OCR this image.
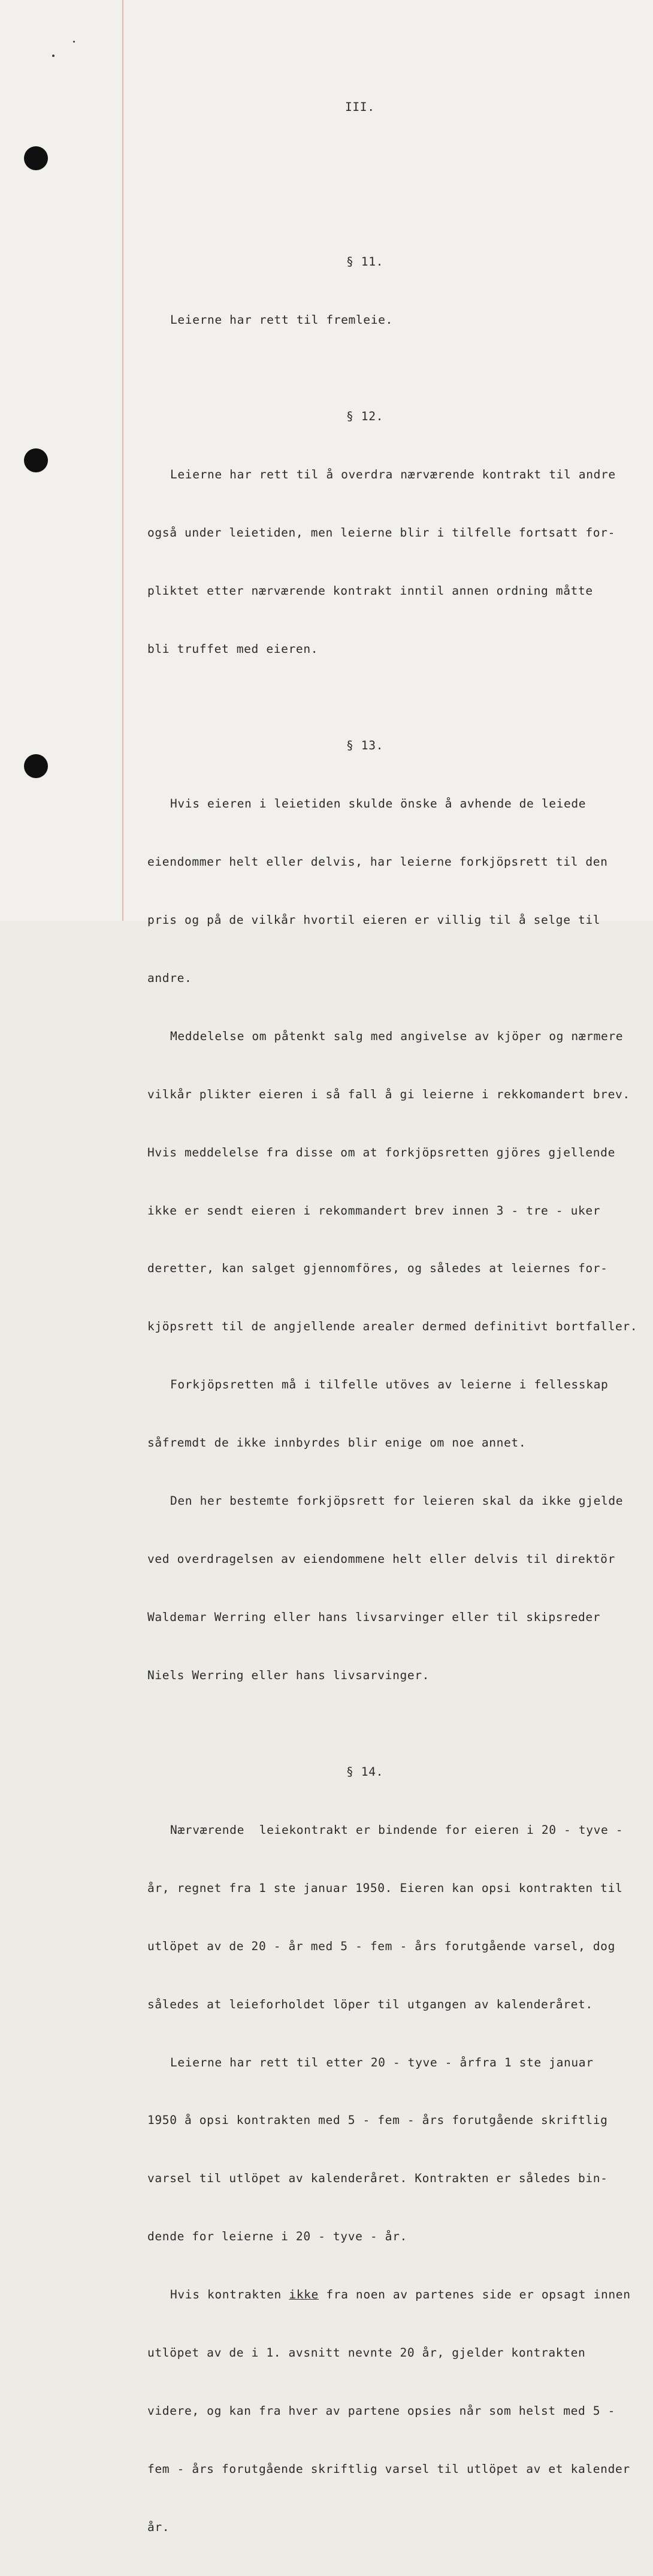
III.

§ 11.

Leierne har rett til fremleie.

§ 12.

Leierne har rett til å overdra nærværende kontrakt til andre

også under leietiden, men leierne blir i tilfelle fortsatt for-

pliktet etter nærværende kontrakt inntil annen ordning måtte

bli truffet med eieren.

§ 13.

Hvis eieren i leietiden skulde önske å avhende de leiede

eiendommer helt eller delvis, har leierne forkjöpsrett til den

pris og på de vilkår hvortil eieren er villig til å selge til

andre.

Meddelelse om påtenkt salg med angivelse av kjöper og nærmere

vilkår plikter eieren i så fall å gi leierne i rekkomandert brev.

Hvis meddelelse fra disse om at forkjöpsretten gjöres gjellende

ikke er sendt eieren i rekommandert brev innen 3 - tre - uker

deretter, kan salget gjennomföres, og således at leiernes for-

kjöpsrett til de angjellende arealer dermed definitivt bortfaller.

Forkjöpsretten må i tilfelle utöves av leierne i fellesskap

såfremdt de ikke innbyrdes blir enige om noe annet.

Den her bestemte forkjöpsrett for leieren skal da ikke gjelde

ved overdragelsen av eiendommene helt eller delvis til direktör

Waldemar Werring eller hans livsarvinger eller til skipsreder

Niels Werring eller hans livsarvinger.

§ 14.

Nærværende  leiekontrakt er bindende for eieren i 20 - tyve -

år, regnet fra 1 ste januar 1950. Eieren kan opsi kontrakten til

utlöpet av de 20 - år med 5 - fem - års forutgående varsel, dog

således at leieforholdet löper til utgangen av kalenderåret.

Leierne har rett til etter 20 - tyve - årfra 1 ste januar

1950 å opsi kontrakten med 5 - fem - års forutgående skriftlig

varsel til utlöpet av kalenderåret. Kontrakten er således bin-

dende for leierne i 20 - tyve - år.

Hvis kontrakten ikke fra noen av partenes side er opsagt innen

utlöpet av de i 1. avsnitt nevnte 20 år, gjelder kontrakten

videre, og kan fra hver av partene opsies når som helst med 5 -

fem - års forutgående skriftlig varsel til utlöpet av et kalender

år.
